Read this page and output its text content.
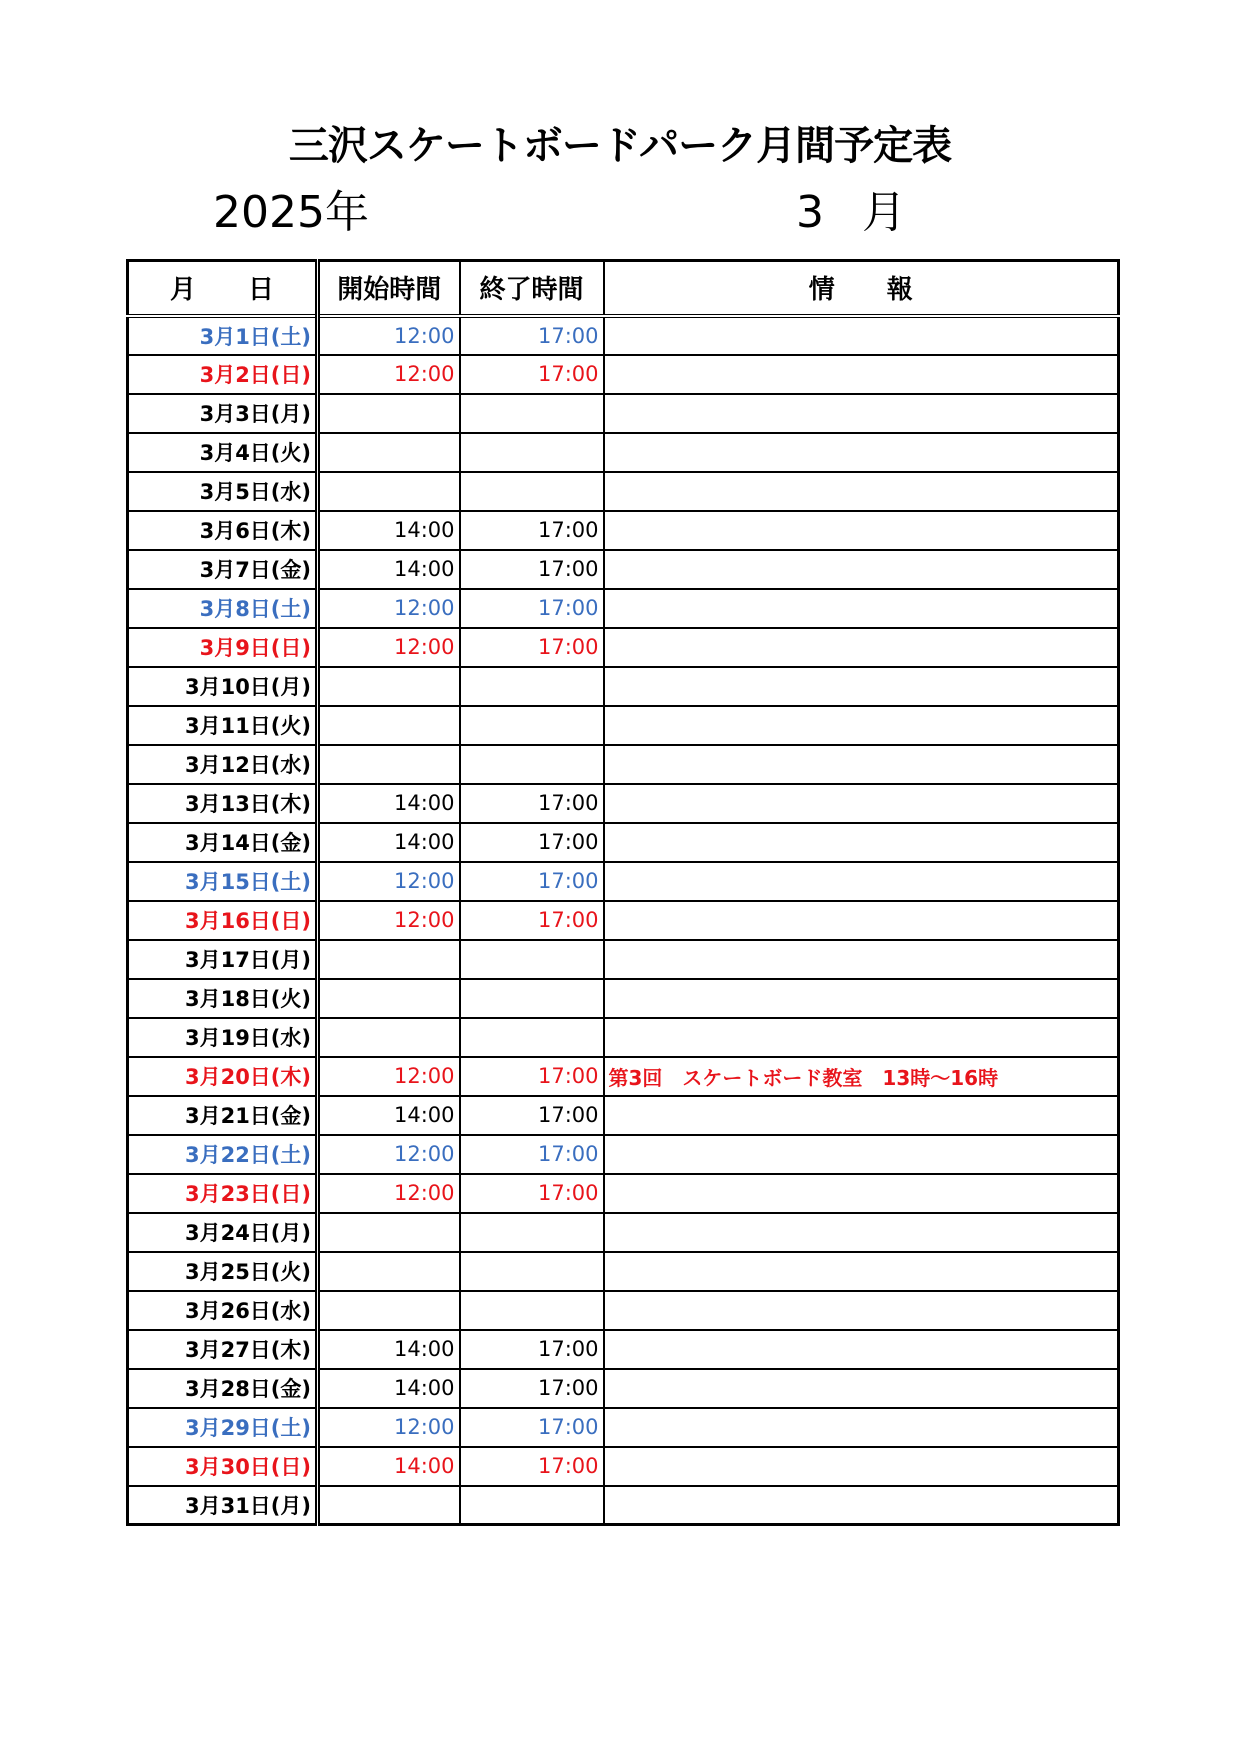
三沢スケートボードパーク月間予定表
2025年	3 月
月　　日	開始時間	終了時間	情　　報
3月1日(土)	12:00	17:00	
3月2日(日)	12:00	17:00	
3月3日(月)			
3月4日(火)			
3月5日(水)			
3月6日(木)	14:00	17:00	
3月7日(金)	14:00	17:00	
3月8日(土)	12:00	17:00	
3月9日(日)	12:00	17:00	
3月10日(月)			
3月11日(火)			
3月12日(水)			
3月13日(木)	14:00	17:00	
3月14日(金)	14:00	17:00	
3月15日(土)	12:00	17:00	
3月16日(日)	12:00	17:00	
3月17日(月)			
3月18日(火)			
3月19日(水)			
3月20日(木)	12:00	17:00	第3回　スケートボード教室　13時～16時
3月21日(金)	14:00	17:00	
3月22日(土)	12:00	17:00	
3月23日(日)	12:00	17:00	
3月24日(月)			
3月25日(火)			
3月26日(水)			
3月27日(木)	14:00	17:00	
3月28日(金)	14:00	17:00	
3月29日(土)	12:00	17:00	
3月30日(日)	14:00	17:00	
3月31日(月)			
